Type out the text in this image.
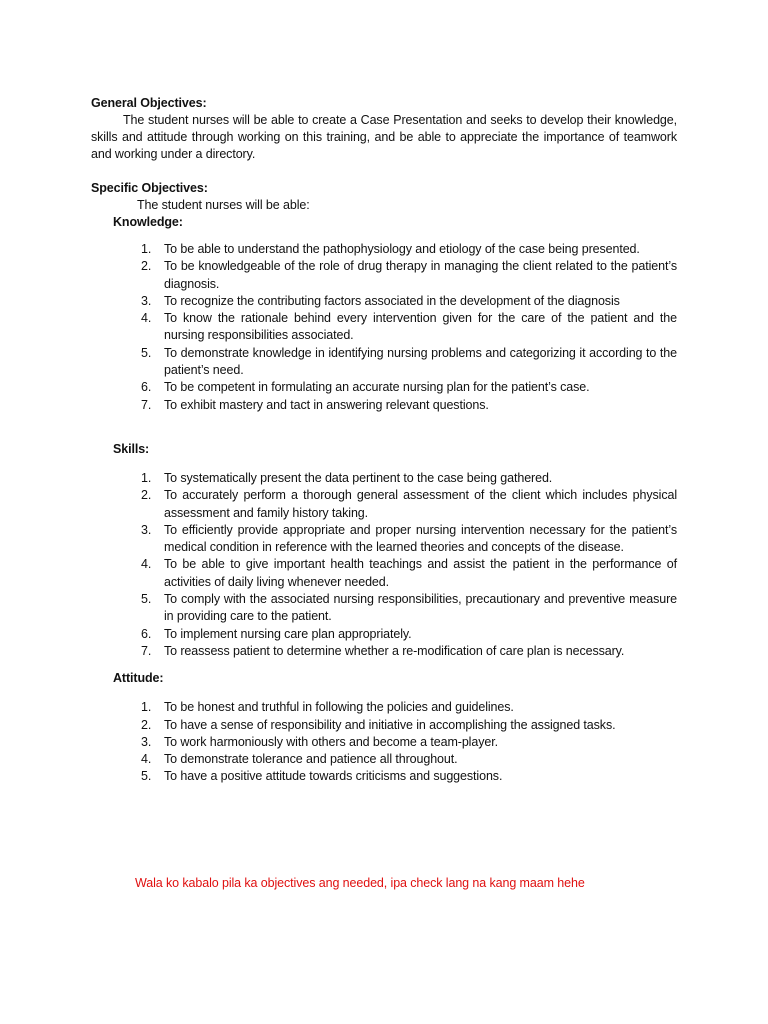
General Objectives:

The student nurses will be able to create a Case Presentation and seeks to develop their knowledge, skills and attitude through working on this training, and be able to appreciate the importance of teamwork and working under a directory.

Specific Objectives:

The student nurses will be able:

Knowledge:

1. To be able to understand the pathophysiology and etiology of the case being presented.
2. To be knowledgeable of the role of drug therapy in managing the client related to the patient’s diagnosis.
3. To recognize the contributing factors associated in the development of the diagnosis
4. To know the rationale behind every intervention given for the care of the patient and the nursing responsibilities associated.
5. To demonstrate knowledge in identifying nursing problems and categorizing it according to the patient’s need.
6. To be competent in formulating an accurate nursing plan for the patient’s case.
7. To exhibit mastery and tact in answering relevant questions.

Skills:

1. To systematically present the data pertinent to the case being gathered.
2. To accurately perform a thorough general assessment of the client which includes physical assessment and family history taking.
3. To efficiently provide appropriate and proper nursing intervention necessary for the patient’s medical condition in reference with the learned theories and concepts of the disease.
4. To be able to give important health teachings and assist the patient in the performance of activities of daily living whenever needed.
5. To comply with the associated nursing responsibilities, precautionary and preventive measure in providing care to the patient.
6. To implement nursing care plan appropriately.
7. To reassess patient to determine whether a re-modification of care plan is necessary.

Attitude:

1. To be honest and truthful in following the policies and guidelines.
2. To have a sense of responsibility and initiative in accomplishing the assigned tasks.
3. To work harmoniously with others and become a team-player.
4. To demonstrate tolerance and patience all throughout.
5. To have a positive attitude towards criticisms and suggestions.

Wala ko kabalo pila ka objectives ang needed, ipa check lang na kang maam hehe
